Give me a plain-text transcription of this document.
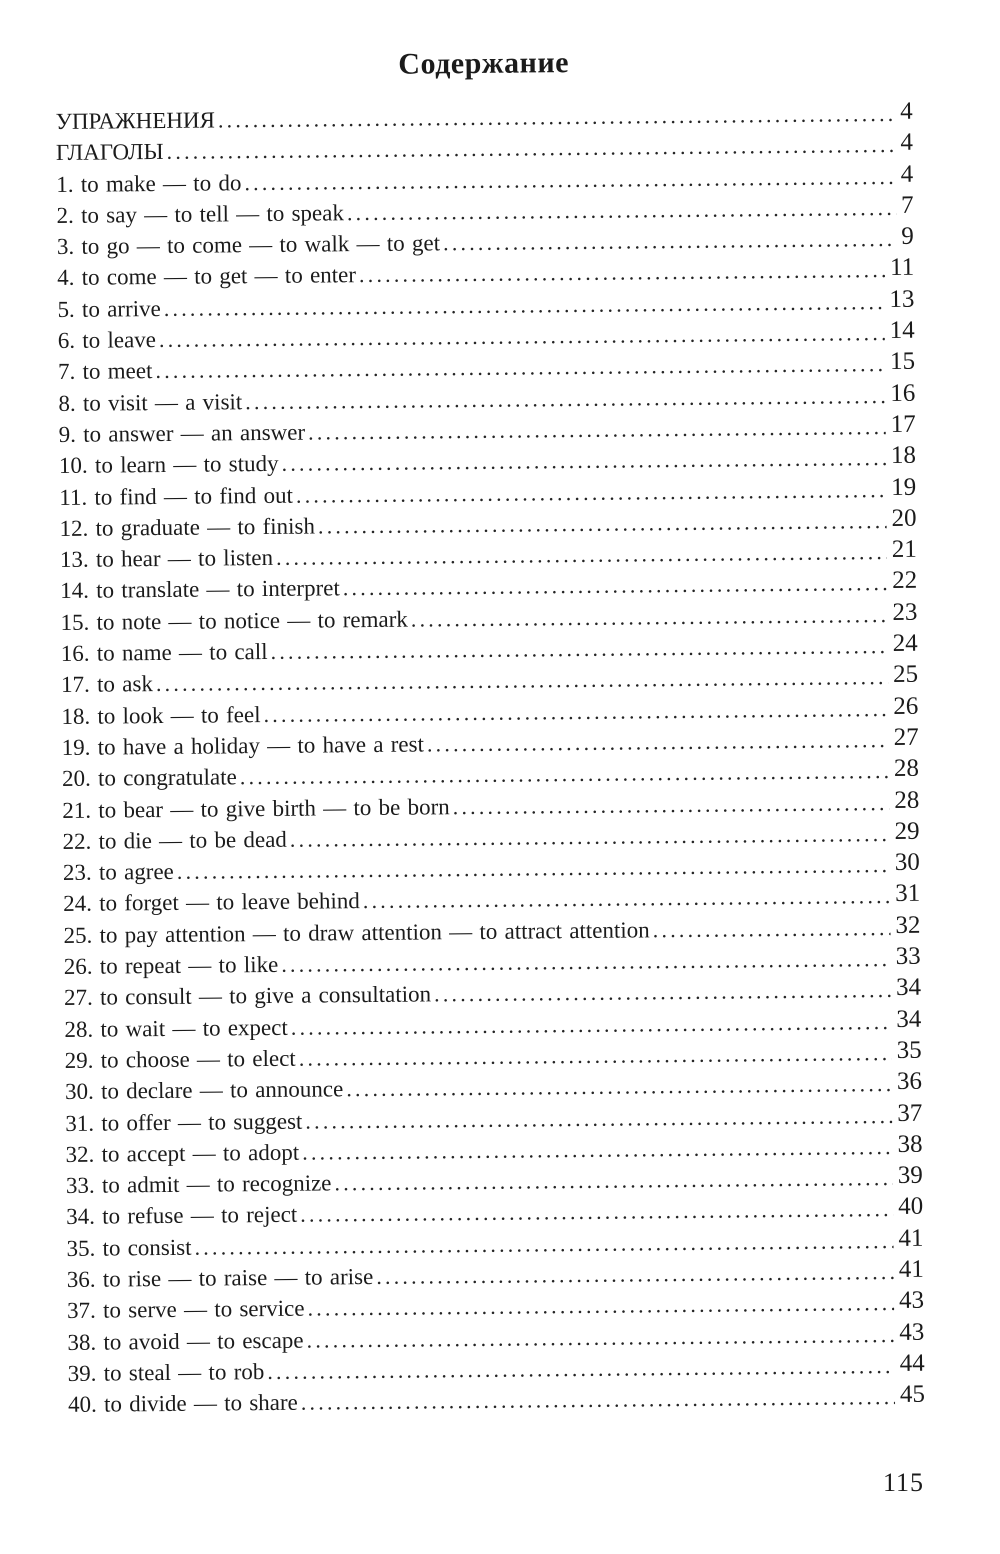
Содержание
УПРАЖНЕНИЯ .....	4
ГЛАГОЛЫ .....	4
1. to make — to do .....	4
2. to say — to tell — to speak .....	7
3. to go — to come — to walk — to get .....	9
4. to come — to get — to enter .....	11
5. to arrive .....	13
6. to leave .....	14
7. to meet .....	15
8. to visit — a visit .....	16
9. to answer — an answer .....	17
10. to learn — to study .....	18
11. to find — to find out .....	19
12. to graduate — to finish .....	20
13. to hear — to listen .....	21
14. to translate — to interpret .....	22
15. to note — to notice — to remark .....	23
16. to name — to call .....	24
17. to ask .....	25
18. to look — to feel .....	26
19. to have a holiday — to have a rest .....	27
20. to congratulate .....	28
21. to bear — to give birth — to be born .....	28
22. to die — to be dead .....	29
23. to agree .....	30
24. to forget — to leave behind .....	31
25. to pay attention — to draw attention — to attract attention .....	32
26. to repeat — to like .....	33
27. to consult — to give a consultation .....	34
28. to wait — to expect .....	34
29. to choose — to elect .....	35
30. to declare — to announce .....	36
31. to offer — to suggest .....	37
32. to accept — to adopt .....	38
33. to admit — to recognize .....	39
34. to refuse — to reject .....	40
35. to consist .....	41
36. to rise — to raise — to arise .....	41
37. to serve — to service .....	43
38. to avoid — to escape .....	43
39. to steal — to rob .....	44
40. to divide — to share .....	45
115
